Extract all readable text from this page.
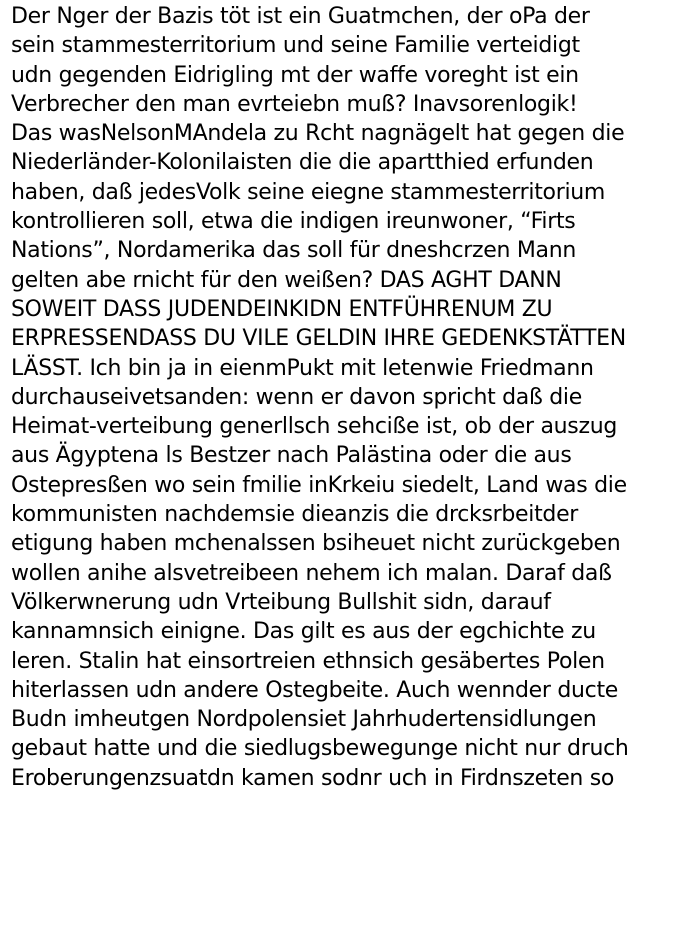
Der Nger der Bazis töt ist ein Guatmchen, der oPa der
sein stammesterritorium und seine Familie verteidigt
udn gegenden Eidrigling mt der waffe voreght ist ein
Verbrecher den man evrteiebn muß? Inavsorenlogik!
Das wasNelsonMAndela zu Rcht nagnägelt hat gegen die
Niederländer-Kolonilaisten die die apartthied erfunden
haben, daß jedesVolk seine eiegne stammesterritorium
kontrollieren soll, etwa die indigen ireunwoner, “Firts
Nations”, Nordamerika das soll für dneshcrzen Mann
gelten abe rnicht für den weißen? DAS AGHT DANN
SOWEIT DASS JUDENDEINKIDN ENTFÜHRENUM ZU
ERPRESSENDASS DU VILE GELDIN IHRE GEDENKSTÄTTEN
LÄSST. Ich bin ja in eienmPukt mit letenwie Friedmann
durchauseivetsanden: wenn er davon spricht daß die
Heimat-verteibung generllsch sehciße ist, ob der auszug
aus Ägyptena ls Bestzer nach Palästina oder die aus
Ostepresßen wo sein fmilie inKrkeiu siedelt, Land was die
kommunisten nachdemsie dieanzis die drcksrbeitder
etigung haben mchenalssen bsiheuet nicht zurückgeben
wollen anihe alsvetreibeen nehem ich malan. Daraf daß
Völkerwnerung udn Vrteibung Bullshit sidn, darauf
kannamnsich einigne. Das gilt es aus der egchichte zu
leren. Stalin hat einsortreien ethnsich gesäbertes Polen
hiterlassen udn andere Ostegbeite. Auch wennder ducte
Budn imheutgen Nordpolensiet Jahrhudertensidlungen
gebaut hatte und die siedlugsbewegunge nicht nur druch
Eroberungenzsuatdn kamen sodnr uch in Firdnszeten so
